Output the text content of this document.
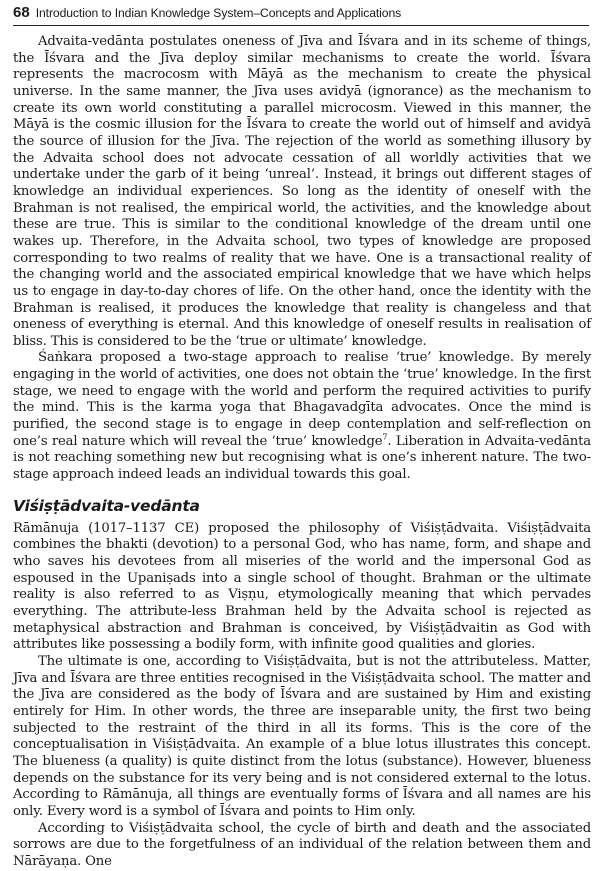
68 Introduction to Indian Knowledge System–Concepts and Applications

Advaita-vedānta postulates oneness of Jīva and Īśvara and in its scheme of things, the Īśvara and the Jīva deploy similar mechanisms to create the world. Īśvara represents the macrocosm with Māyā as the mechanism to create the physical universe. In the same manner, the Jīva uses avidyā (ignorance) as the mechanism to create its own world constituting a parallel microcosm. Viewed in this manner, the Māyā is the cosmic illusion for the Īśvara to create the world out of himself and avidyā the source of illusion for the Jīva. The rejection of the world as something illusory by the Advaita school does not advocate cessation of all worldly activities that we undertake under the garb of it being ‘unreal’. Instead, it brings out different stages of knowledge an individual experiences. So long as the identity of oneself with the Brahman is not realised, the empirical world, the activities, and the knowledge about these are true. This is similar to the conditional knowledge of the dream until one wakes up. Therefore, in the Advaita school, two types of knowledge are proposed corresponding to two realms of reality that we have. One is a transactional reality of the changing world and the associated empirical knowledge that we have which helps us to engage in day-to-day chores of life. On the other hand, once the identity with the Brahman is realised, it produces the knowledge that reality is changeless and that oneness of everything is eternal. And this knowledge of oneself results in realisation of bliss. This is considered to be the ‘true or ultimate’ knowledge.

Śaṅkara proposed a two-stage approach to realise ‘true’ knowledge. By merely engaging in the world of activities, one does not obtain the ‘true’ knowledge. In the first stage, we need to engage with the world and perform the required activities to purify the mind. This is the karma yoga that Bhagavadgīta advocates. Once the mind is purified, the second stage is to engage in deep contemplation and self-reflection on one’s real nature which will reveal the ‘true’ knowledge$^7$. Liberation in Advaita-vedānta is not reaching something new but recognising what is one’s inherent nature. The two-stage approach indeed leads an individual towards this goal.

Viśiṣṭādvaita-vedānta

Rāmānuja (1017–1137 CE) proposed the philosophy of Viśiṣṭādvaita. Viśiṣṭādvaita combines the bhakti (devotion) to a personal God, who has name, form, and shape and who saves his devotees from all miseries of the world and the impersonal God as espoused in the Upaniṣads into a single school of thought. Brahman or the ultimate reality is also referred to as Viṣṇu, etymologically meaning that which pervades everything. The attribute-less Brahman held by the Advaita school is rejected as metaphysical abstraction and Brahman is conceived, by Viśiṣṭādvaitin as God with attributes like possessing a bodily form, with infinite good qualities and glories.

The ultimate is one, according to Viśiṣṭādvaita, but is not the attributeless. Matter, Jīva and Īśvara are three entities recognised in the Viśiṣṭādvaita school. The matter and the Jīva are considered as the body of Īśvara and are sustained by Him and existing entirely for Him. In other words, the three are inseparable unity, the first two being subjected to the restraint of the third in all its forms. This is the core of the conceptualisation in Viśiṣṭādvaita. An example of a blue lotus illustrates this concept. The blueness (a quality) is quite distinct from the lotus (substance). However, blueness depends on the substance for its very being and is not considered external to the lotus. According to Rāmānuja, all things are eventually forms of Īśvara and all names are his only. Every word is a symbol of Īśvara and points to Him only.

According to Viśiṣṭādvaita school, the cycle of birth and death and the associated sorrows are due to the forgetfulness of an individual of the relation between them and Nārāyaṇa. One
